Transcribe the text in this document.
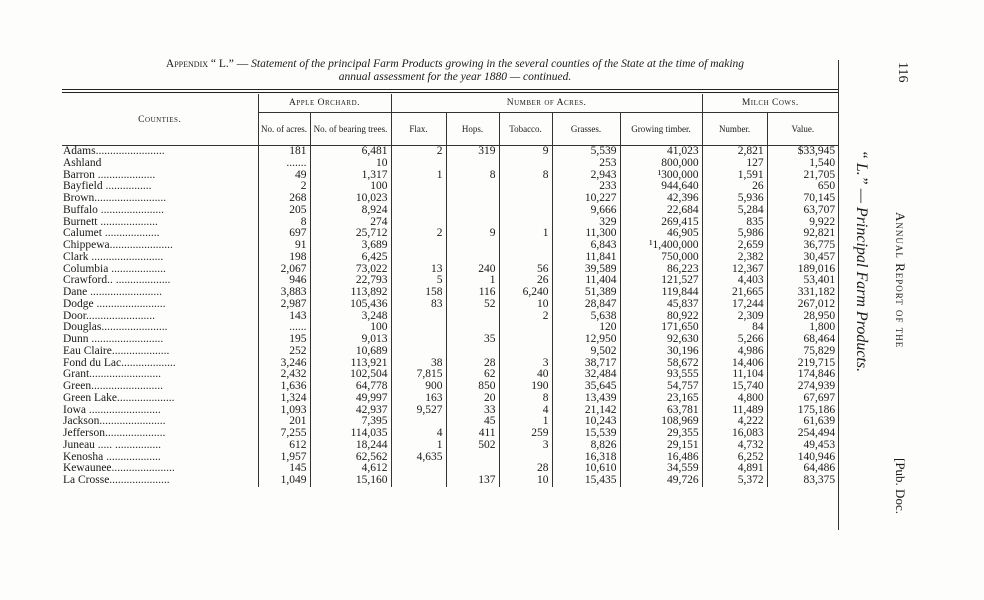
Appendix “ L.” — Statement of the principal Farm Products growing in the several counties of the State at the time of making
annual assessment for the year 1880 — continued.
Counties.	Apple Orchard.		Number of Acres.					Milch Cows.	
	No. of acres.	No. of bearing trees.	Flax.	Hops.	Tobacco.	Grasses.	Growing timber.	Number.	Value.
Adams........................	181	6,481	2	319	9	5,539	41,023	2,821	$33,945
Ashland	.......	10				253	800,000	127	1,540
Barron ....................	49	1,317	1	8	8	2,943	¹300,000	1,591	21,705
Bayfield ................	2	100				233	944,640	26	650
Brown.........................	268	10,023				10,227	42,396	5,936	70,145
Buffalo ......................	205	8,924				9,666	22,684	5,284	63,707
Burnett ....................	8	274				329	269,415	835	9,922
Calumet ...................	697	25,712	2	9	1	11,300	46,905	5,986	92,821
Chippewa......................	91	3,689				6,843	¹1,400,000	2,659	36,775
Clark .........................	198	6,425				11,841	750,000	2,382	30,457
Columbia ...................	2,067	73,022	13	240	56	39,589	86,223	12,367	189,016
Crawford.. ...................	946	22,793	5	1	26	11,404	121,527	4,403	53,401
Dane .........................	3,883	113,892	158	116	6,240	51,389	119,844	21,665	331,182
Dodge ........................	2,987	105,436	83	52	10	28,847	45,837	17,244	267,012
Door........................	143	3,248			2	5,638	80,922	2,309	28,950
Douglas.......................	......	100				120	171,650	84	1,800
Dunn .........................	195	9,013		35		12,950	92,630	5,266	68,464
Eau Claire....................	252	10,689				9,502	30,196	4,986	75,829
Fond du Lac...................	3,246	113,921	38	28	3	38,717	58,672	14,406	219,715
Grant.........................	2,432	102,504	7,815	62	40	32,484	93,555	11,104	174,846
Green.........................	1,636	64,778	900	850	190	35,645	54,757	15,740	274,939
Green Lake....................	1,324	49,997	163	20	8	13,439	23,165	4,800	67,697
Iowa .........................	1,093	42,937	9,527	33	4	21,142	63,781	11,489	175,186
Jackson.......................	201	7,395		45	1	10,243	108,969	4,222	61,639
Jefferson.....................	7,255	114,035	4	411	259	15,539	29,355	16,083	254,494
Juneau ..... ................	612	18,244	1	502	3	8,826	29,151	4,732	49,453
Kenosha ...................	1,957	62,562	4,635			16,318	16,486	6,252	140,946
Kewaunee......................	145	4,612			28	10,610	34,559	4,891	64,486
La Crosse.....................	1,049	15,160		137	10	15,435	49,726	5,372	83,375
116
Annual Report of the
[Pub. Doc.
“ L.” — Principal Farm Products.
